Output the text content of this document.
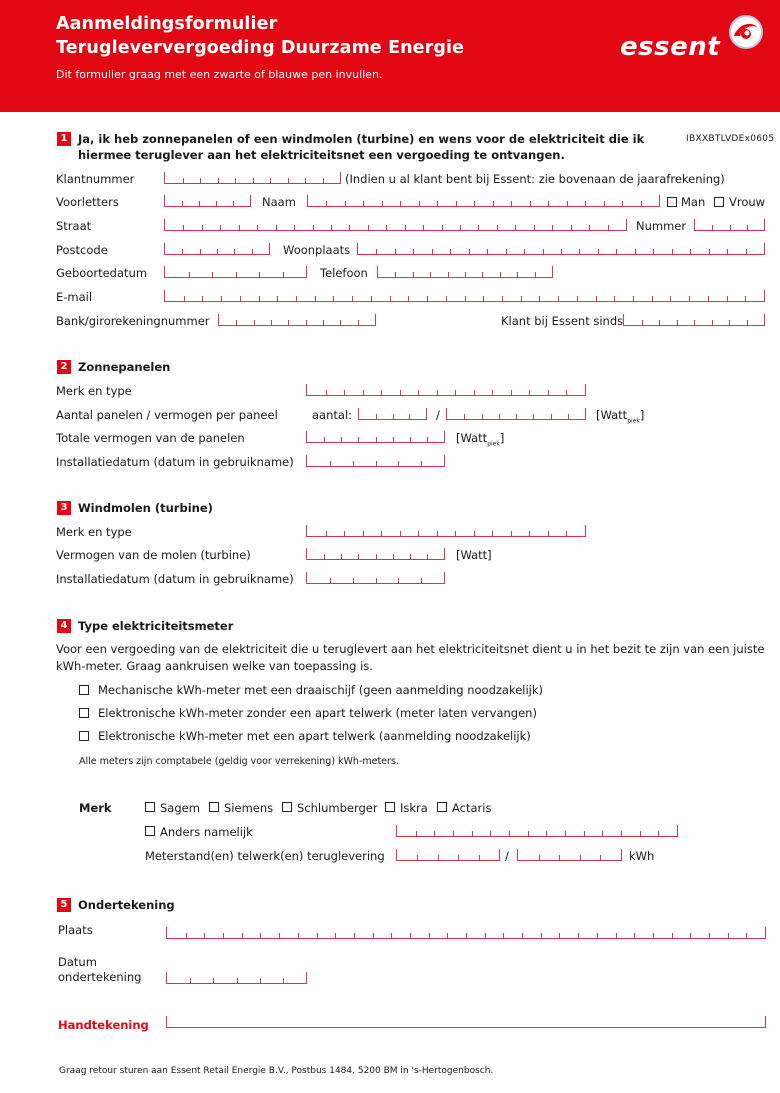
Aanmeldingsformulier
Terugleververgoeding Duurzame Energie
Dit formulier graag met een zwarte of blauwe pen invullen.
essent
1 Ja, ik heb zonnepanelen of een windmolen (turbine) en wens voor de elektriciteit die ik
hiermee teruglever aan het elektriciteitsnet een vergoeding te ontvangen.
IBXXBTLVDEx0605
Klantnummer	(Indien u al klant bent bij Essent: zie bovenaan de jaarafrekening)
Voorletters	Naam	Man Vrouw
Straat	Nummer
Postcode	Woonplaats
Geboortedatum	Telefoon
E-mail
Bank/girorekeningnummer	Klant bij Essent sinds
2 Zonnepanelen
Merk en type
Aantal panelen / vermogen per paneel	aantal:	/	[Watt$_{piek}$]
Totale vermogen van de panelen	[Watt$_{piek}$]
Installatiedatum (datum in gebruikname)
3 Windmolen (turbine)
Merk en type
Vermogen van de molen (turbine)	[Watt]
Installatiedatum (datum in gebruikname)
4 Type elektriciteitsmeter
Voor een vergoeding van de elektriciteit die u teruglevert aan het elektriciteitsnet dient u in het bezit te zijn van een juiste
kWh-meter. Graag aankruisen welke van toepassing is.
Mechanische kWh-meter met een draaischijf (geen aanmelding noodzakelijk)
Elektronische kWh-meter zonder een apart telwerk (meter laten vervangen)
Elektronische kWh-meter met een apart telwerk (aanmelding noodzakelijk)
Alle meters zijn comptabele (geldig voor verrekening) kWh-meters.
Merk	Sagem Siemens Schlumberger Iskra Actaris
Anders namelijk
Meterstand(en) telwerk(en) teruglevering	/	kWh
5 Ondertekening
Plaats
Datum
ondertekening
Handtekening
Graag retour sturen aan Essent Retail Energie B.V., Postbus 1484, 5200 BM in 's-Hertogenbosch.
